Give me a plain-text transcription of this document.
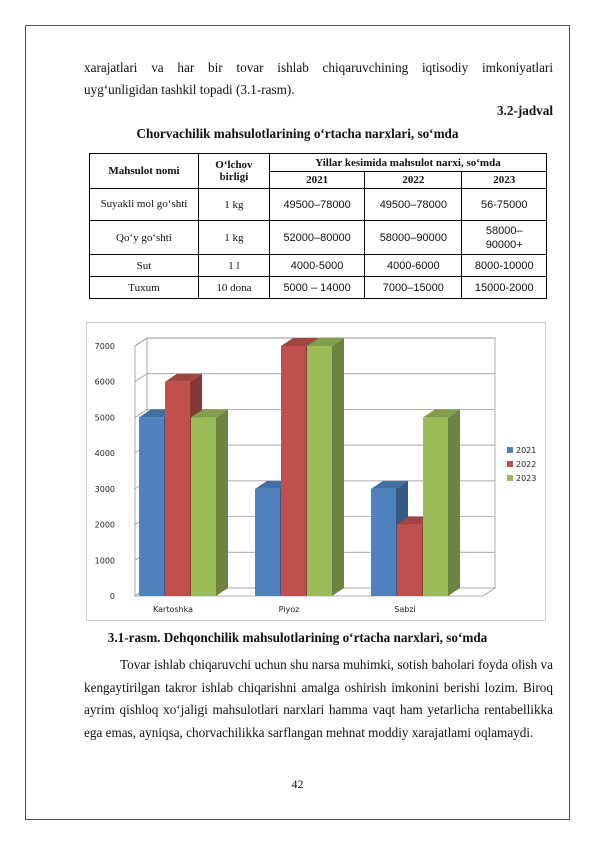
xarajatlari va har bir tovar ishlab chiqaruvchining iqtisodiy imkoniyatlari

uyg‘unligidan tashkil topadi (3.1-rasm).

3.2-jadval
Chorvachilik mahsulotlarining o‘rtacha narxlari, so‘mda
Mahsulot nomi	O‘lchov birligi	Yillar kesimida mahsulot narxi, so‘mda		
		2021	2022	2023
Suyakli mol go‘shti	1 kg	49500–78000	49500–78000	56-75000
Qo‘y go‘shti	1 kg	52000–80000	58000–90000	58000–90000+
Sut	1 l	4000-5000	4000-6000	8000-10000
Tuxum	10 dona	5000 – 14000	7000–15000	15000-2000
0
1000
2000
3000
4000
5000
6000
7000
Kartoshka	Piyoz	Sabzi
2021
2022
2023
3.1-rasm. Dehqonchilik mahsulotlarining o‘rtacha narxlari, so‘mda

Tovar ishlab chiqaruvchi uchun shu narsa muhimki, sotish baholari foyda olish va kengaytirilgan takror ishlab chiqarishni amalga oshirish imkonini berishi lozim. Biroq ayrim qishloq xo‘jaligi mahsulotlari narxlari hamma vaqt ham yetarlicha rentabellikka ega emas, ayniqsa, chorvachilikka sarflangan mehnat moddiy xarajatlami oqlamaydi.

42
